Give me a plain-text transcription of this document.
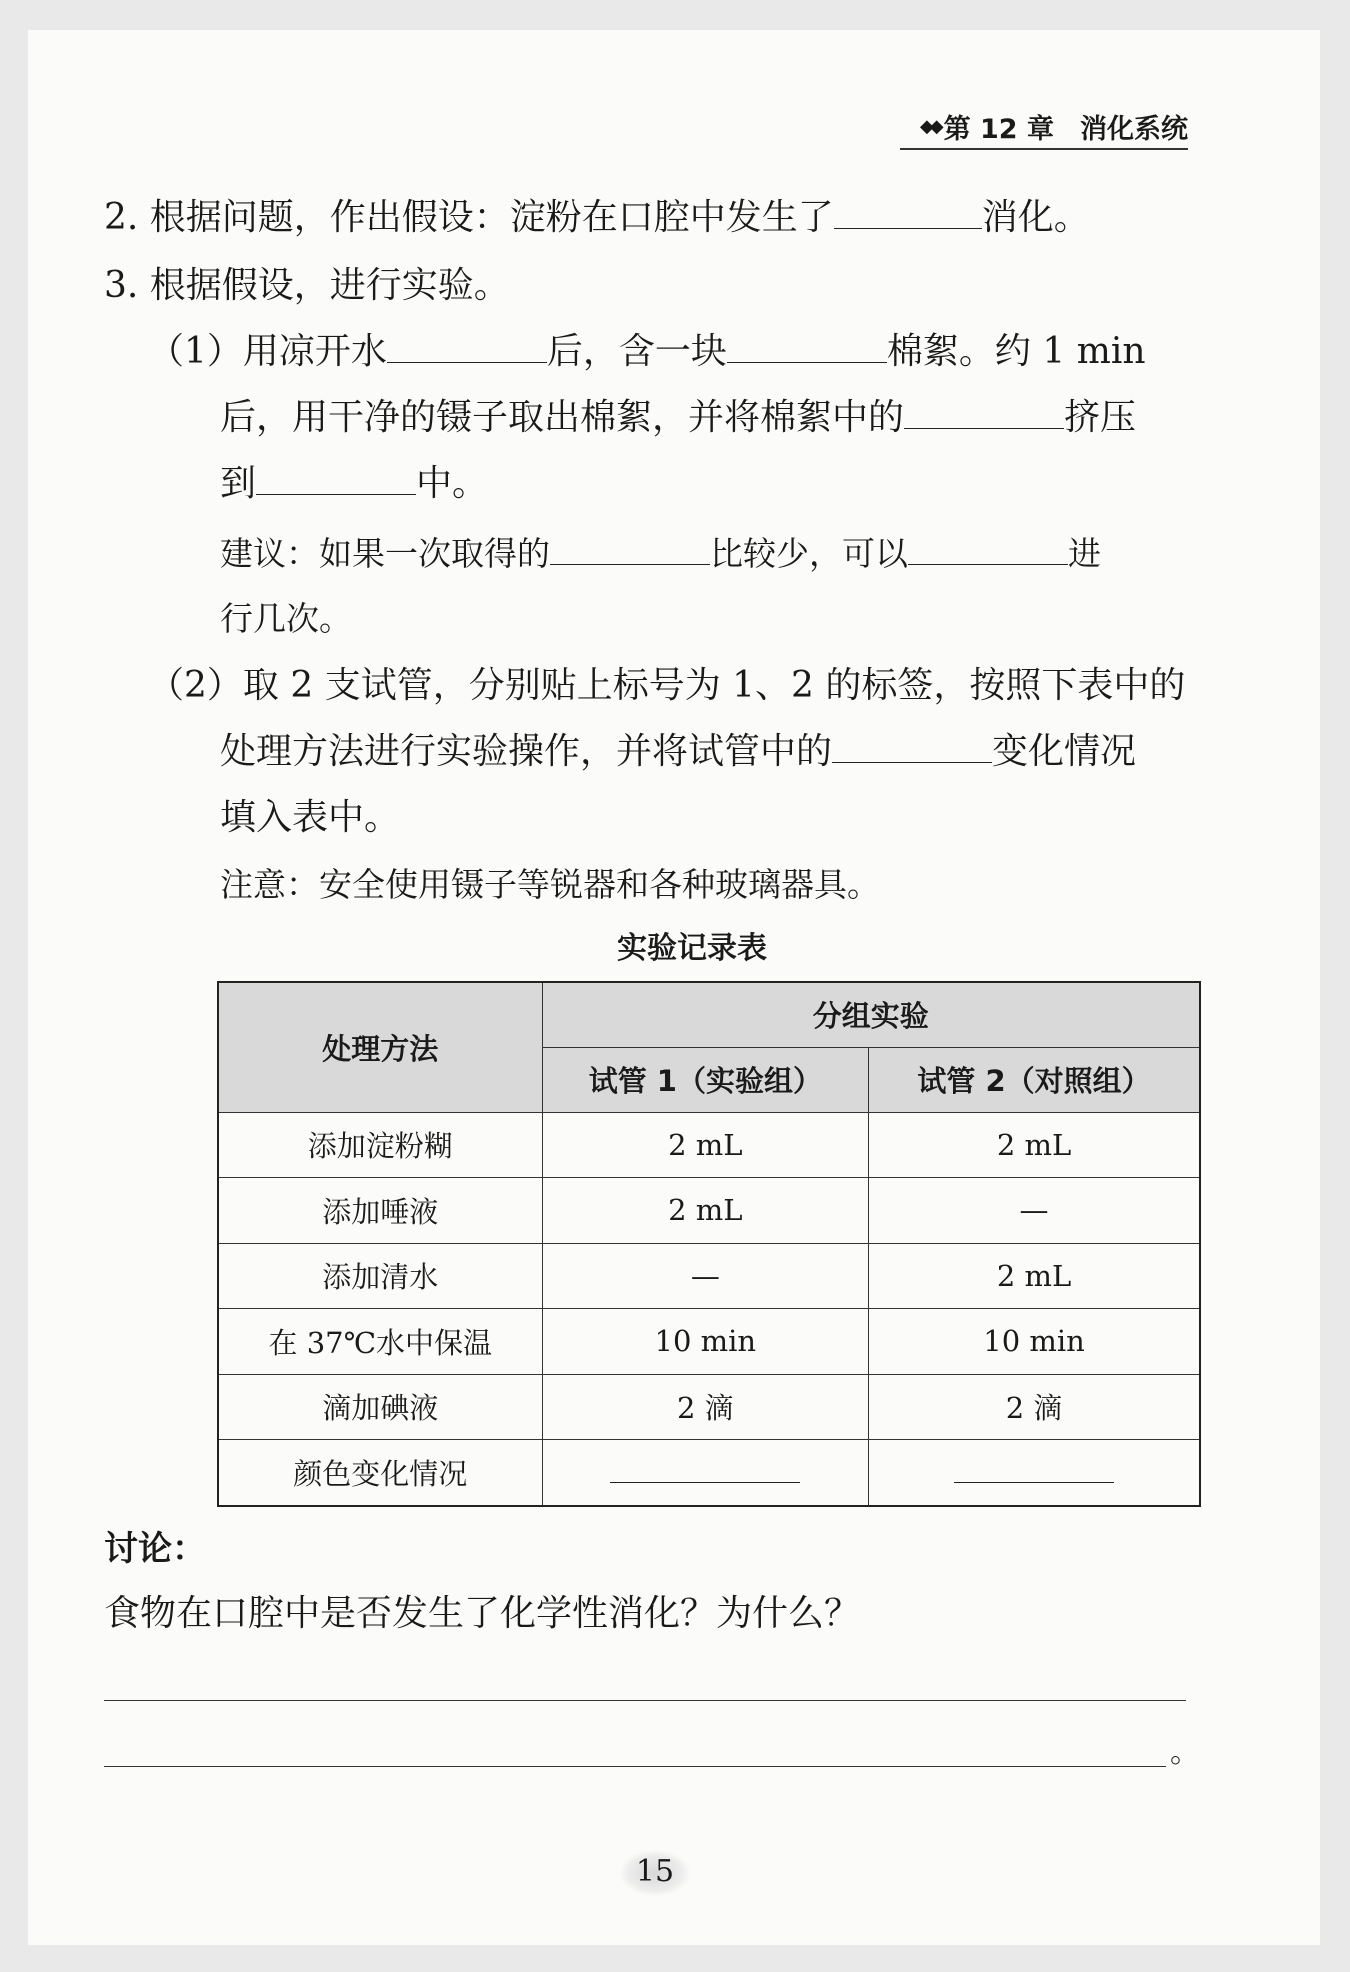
◆◆ 第 12 章 消化系统
2. 根据问题，作出假设：淀粉在口腔中发生了	消化。
3. 根据假设，进行实验。
（1）用凉开水	后，含一块	棉絮。约 1 min
后，用干净的镊子取出棉絮，并将棉絮中的	挤压
到	中。
建议：如果一次取得的	比较少，可以	进
行几次。
（2）取 2 支试管，分别贴上标号为 1、2 的标签，按照下表中的
处理方法进行实验操作，并将试管中的	变化情况
填入表中。
注意：安全使用镊子等锐器和各种玻璃器具。
实验记录表
处理方法	分组实验	
	试管 1（实验组）	试管 2（对照组）
添加淀粉糊	2 mL	2 mL
添加唾液	2 mL	—
添加清水	—	2 mL
在 37℃水中保温	10 min	10 min
滴加碘液	2 滴	2 滴
颜色变化情况		
讨论：
食物在口腔中是否发生了化学性消化？为什么？
。
15
